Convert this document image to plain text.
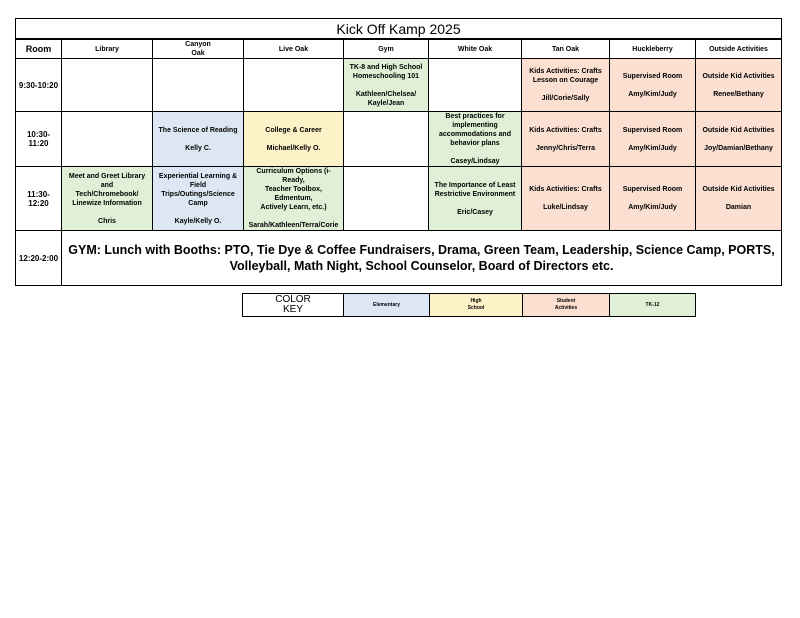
Kick Off Kamp 2025								
Room	Library	Canyon
Oak	Live Oak	Gym	White Oak	Tan Oak	Huckleberry	Outside Activities
9:30-10:20				TK-8 and High School
Homeschooling 101
Kathleen/Chelsea/
Kayle/Jean		Kids Activities: Crafts
Lesson on Courage
Jill/Corie/Sally	Supervised Room
Amy/Kim/Judy	Outside Kid Activities
Renee/Bethany

10:30-11:20		The Science of Reading
Kelly C.	College & Career
Michael/Kelly O.		Best practices for
implementing
accommodations and
behavior plans
Casey/Lindsay	Kids Activities: Crafts
Jenny/Chris/Terra	Supervised Room
Amy/Kim/Judy	Outside Kid Activities
Joy/Damian/Bethany

11:30-12:20	Meet and Greet Library and
Tech/Chromebook/
Linewize Information
Chris	Experiential Learning &
Field
Trips/Outings/Science
Camp
Kayle/Kelly O.	Curriculum Options (i-Ready,
Teacher Toolbox, Edmentum,
Actively Learn, etc.)
Sarah/Kathleen/Terra/Corie		The Importance of Least
Restrictive Environment
Eric/Casey	Kids Activities: Crafts
Luke/Lindsay	Supervised Room
Amy/Kim/Judy	Outside Kid Activities
Damian

12:20-2:00	GYM: Lunch with Booths: PTO, Tie Dye & Coffee Fundraisers, Drama, Green Team, Leadership, Science Camp, PORTS,
Volleyball, Math Night, School Counselor, Board of Directors etc.							
COLOR
KEY	Elementary	
High
School

Student
Activities
	TK-12
